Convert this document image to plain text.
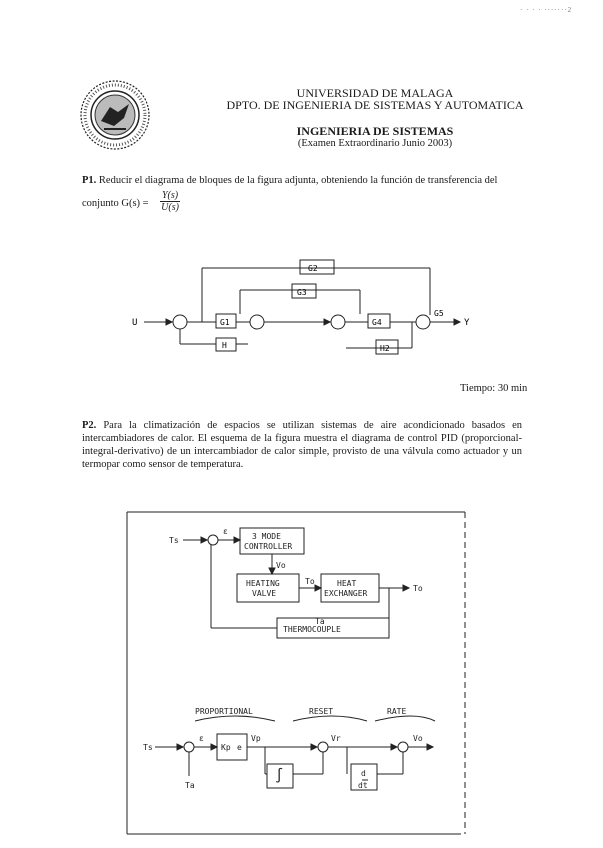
· · · · ·······2
UNIVERSIDAD DE MALAGA
DPTO. DE INGENIERIA DE SISTEMAS Y AUTOMATICA
INGENIERIA DE SISTEMAS
(Examen Extraordinario Junio 2003)
P1. Reducir el diagrama de bloques de la figura adjunta, obteniendo la función de transferencia del
conjunto $G(s) = \frac{Y(s)}{U(s)}$
U	Y
G1
H
G2
G3
G4
H2
G5
Tiempo: 30 min
P2. Para la climatización de espacios se utilizan sistemas de aire acondicionado basados en intercambiadores de calor. El esquema de la figura muestra el diagrama de control PID (proporcional-integral-derivativo) de un intercambiador de calor simple, provisto de una válvula como actuador y un termopar como sensor de temperatura.
Ts
ε
3 MODE
CONTROLLER
Vo
HEATING
VALVE
To	HEAT
EXCHANGER
To
Ta
THERMOCOUPLE
PROPORTIONAL	RESET	RATE
Ts
Ta
ε
Kp e
Vp	Vr	Vo
∫	d
dt
